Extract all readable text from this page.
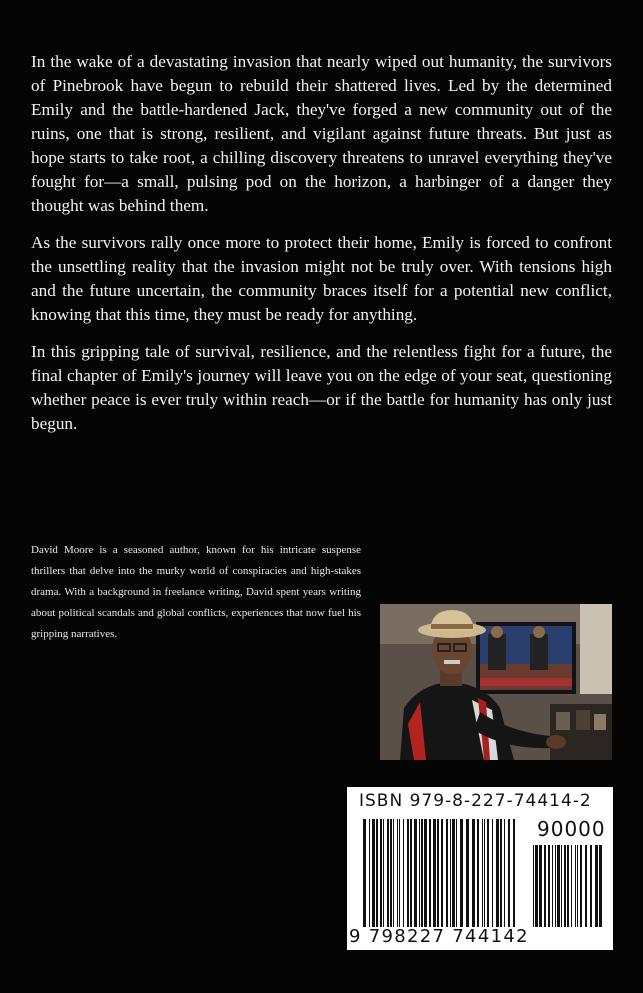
In the wake of a devastating invasion that nearly wiped out humanity, the survivors of Pinebrook have begun to rebuild their shattered lives. Led by the determined Emily and the battle-hardened Jack, they've forged a new community out of the ruins, one that is strong, resilient, and vigilant against future threats. But just as hope starts to take root, a chilling discovery threatens to unravel everything they've fought for—a small, pulsing pod on the horizon, a harbinger of a danger they thought was behind them.

As the survivors rally once more to protect their home, Emily is forced to confront the unsettling reality that the invasion might not be truly over. With tensions high and the future uncertain, the community braces itself for a potential new conflict, knowing that this time, they must be ready for anything.

In this gripping tale of survival, resilience, and the relentless fight for a future, the final chapter of Emily's journey will leave you on the edge of your seat, questioning whether peace is ever truly within reach—or if the battle for humanity has only just begun.

David Moore is a seasoned author, known for his intricate suspense thrillers that delve into the murky world of conspiracies and high-stakes drama. With a background in freelance writing, David spent years writing about political scandals and global conflicts, experiences that now fuel his gripping narratives.
ISBN 979-8-227-74414-2
90000
9 798227 744142
